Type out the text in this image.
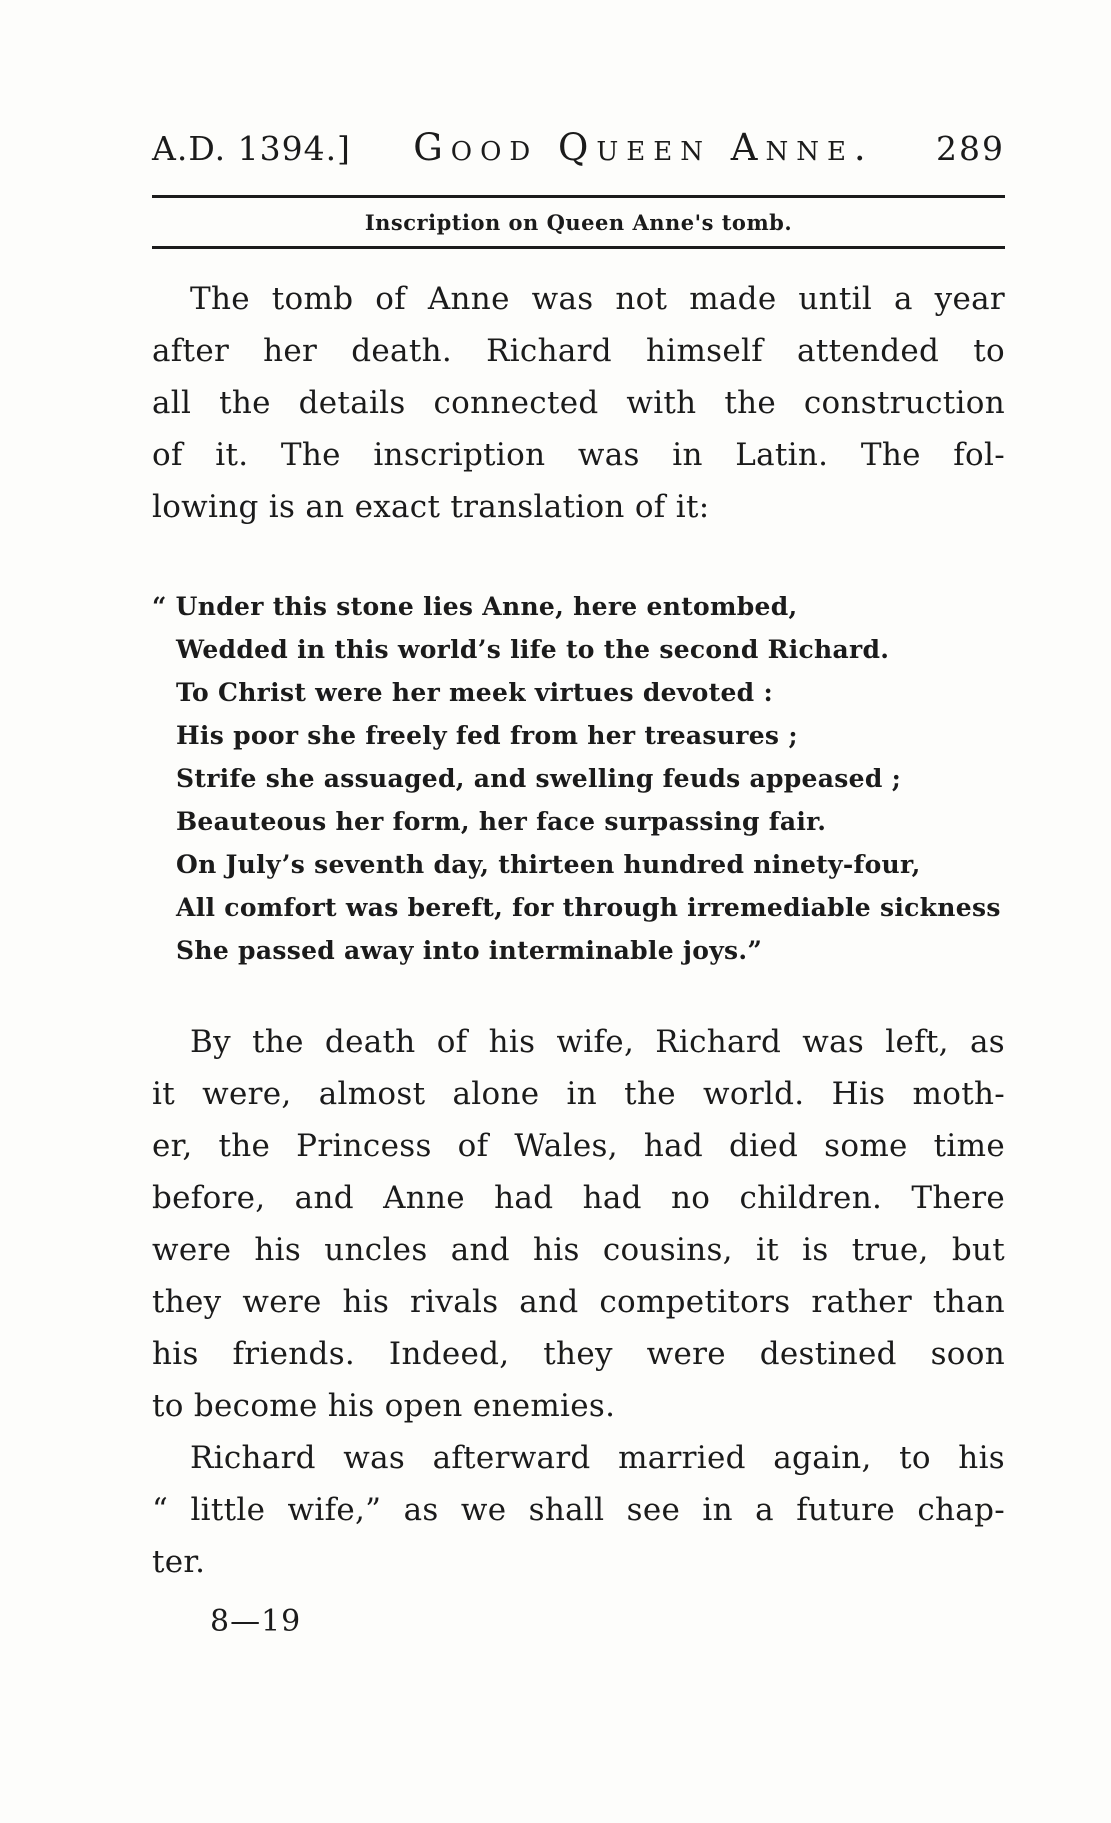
A.D. 1394.]	Good Queen Anne.	289
Inscription on Queen Anne's tomb.
The tomb of Anne was not made until a year
after her death. Richard himself attended to
all the details connected with the construction
of it. The inscription was in Latin. The fol-
lowing is an exact translation of it:
“ Under this stone lies Anne, here entombed,
Wedded in this world’s life to the second Richard.
To Christ were her meek virtues devoted :
His poor she freely fed from her treasures ;
Strife she assuaged, and swelling feuds appeased ;
Beauteous her form, her face surpassing fair.
On July’s seventh day, thirteen hundred ninety-four,
All comfort was bereft, for through irremediable sickness
She passed away into interminable joys.”
By the death of his wife, Richard was left, as
it were, almost alone in the world. His moth-
er, the Princess of Wales, had died some time
before, and Anne had had no children. There
were his uncles and his cousins, it is true, but
they were his rivals and competitors rather than
his friends. Indeed, they were destined soon
to become his open enemies.
Richard was afterward married again, to his
“ little wife,” as we shall see in a future chap-
ter.
8—19
